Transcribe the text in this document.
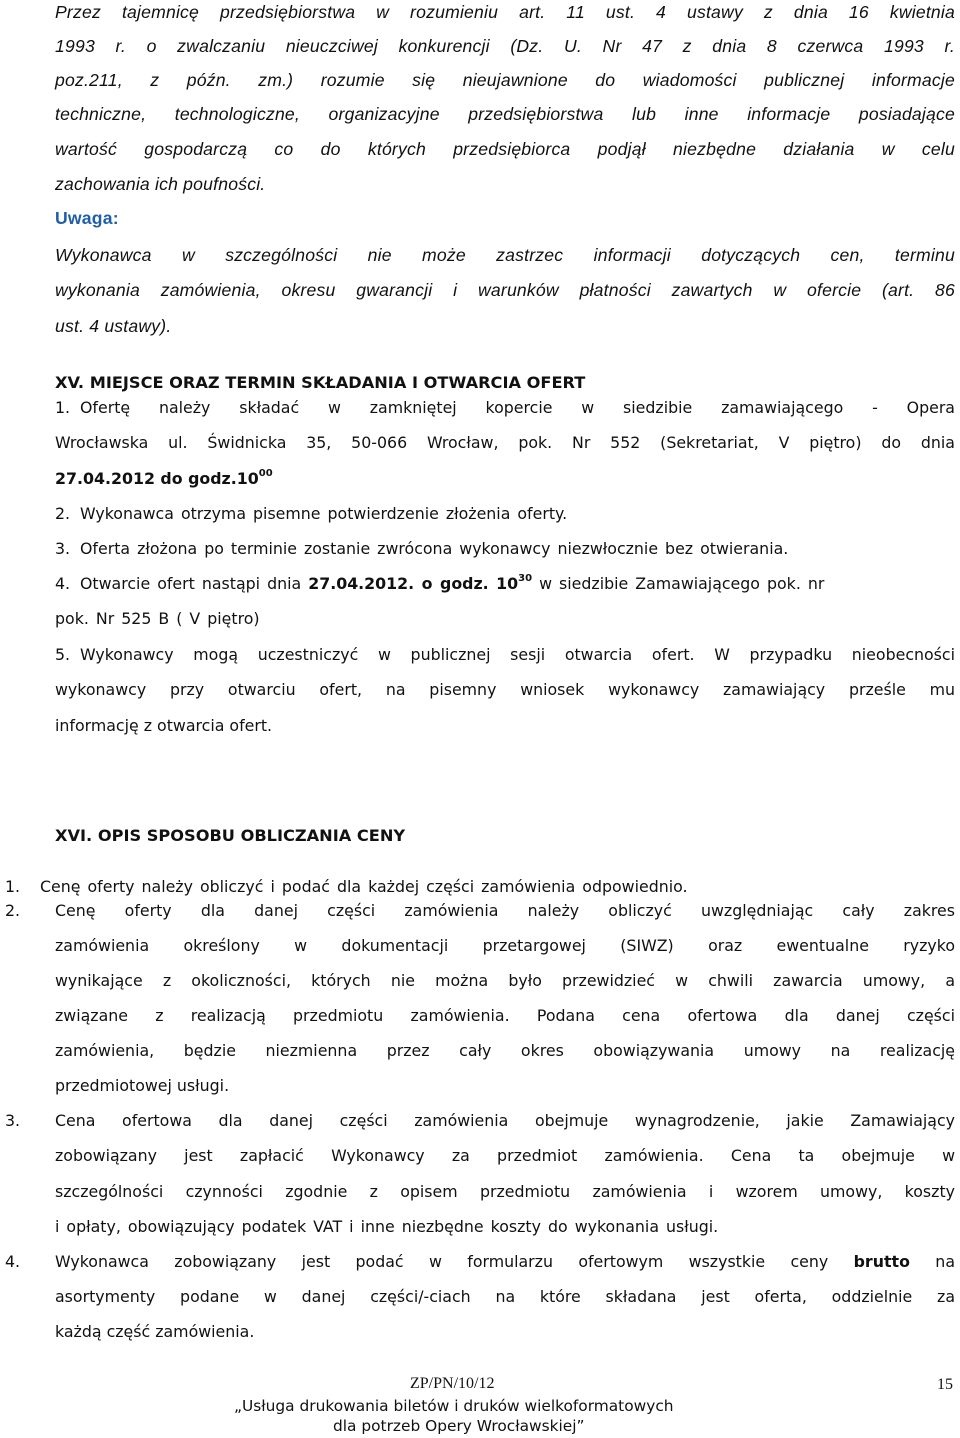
Przez tajemnicę przedsiębiorstwa w rozumieniu art. 11 ust. 4 ustawy z dnia 16 kwietnia

1993 r. o zwalczaniu nieuczciwej konkurencji (Dz. U. Nr 47 z dnia 8 czerwca 1993 r.

poz.211, z późn. zm.) rozumie się nieujawnione do wiadomości publicznej informacje

techniczne, technologiczne, organizacyjne przedsiębiorstwa lub inne informacje posiadające

wartość gospodarczą co do których przedsiębiorca podjął niezbędne działania w celu

zachowania ich poufności.

Uwaga:

Wykonawca w szczególności nie może zastrzec informacji dotyczących cen, terminu

wykonania zamówienia, okresu gwarancji i warunków płatności zawartych w ofercie (art. 86

ust. 4 ustawy).

XV. MIEJSCE ORAZ TERMIN SKŁADANIA I OTWARCIA OFERT

1. Ofertę należy składać w zamkniętej kopercie w siedzibie zamawiającego - Opera

Wrocławska ul. Świdnicka 35, 50-066 Wrocław, pok. Nr 552 (Sekretariat, V piętro) do dnia

27.04.2012 do $godz.10^{00}$

2. Wykonawca otrzyma pisemne potwierdzenie złożenia oferty.

3. Oferta złożona po terminie zostanie zwrócona wykonawcy niezwłocznie bez otwierania.

4. Otwarcie ofert nastąpi dnia 27.04.2012. o godz. $10^{30}$ w siedzibie Zamawiającego pok. nr

pok. Nr 525 B ( V piętro)

5. Wykonawcy mogą uczestniczyć w publicznej sesji otwarcia ofert. W przypadku nieobecności

wykonawcy przy otwarciu ofert, na pisemny wniosek wykonawcy zamawiający prześle mu

informację z otwarcia ofert.

XVI. OPIS SPOSOBU OBLICZANIA CENY

1. Cenę oferty należy obliczyć i podać dla każdej części zamówienia odpowiednio.

2. Cenę oferty dla danej części zamówienia należy obliczyć uwzględniając cały zakres

zamówienia określony w dokumentacji przetargowej (SIWZ) oraz ewentualne ryzyko

wynikające z okoliczności, których nie można było przewidzieć w chwili zawarcia umowy, a

związane z realizacją przedmiotu zamówienia. Podana cena ofertowa dla danej części

zamówienia, będzie niezmienna przez cały okres obowiązywania umowy na realizację

przedmiotowej usługi.

3. Cena ofertowa dla danej części zamówienia obejmuje wynagrodzenie, jakie Zamawiający

zobowiązany jest zapłacić Wykonawcy za przedmiot zamówienia. Cena ta obejmuje w

szczególności czynności zgodnie z opisem przedmiotu zamówienia i wzorem umowy, koszty

i opłaty, obowiązujący podatek VAT i inne niezbędne koszty do wykonania usługi.

4. Wykonawca zobowiązany jest podać w formularzu ofertowym wszystkie ceny brutto na

asortymenty podane w danej części/-ciach na które składana jest oferta, oddzielnie za

każdą część zamówienia.

ZP/PN/10/12	15

„Usługa drukowania biletów i druków wielkoformatowych

dla potrzeb Opery Wrocławskiej”
